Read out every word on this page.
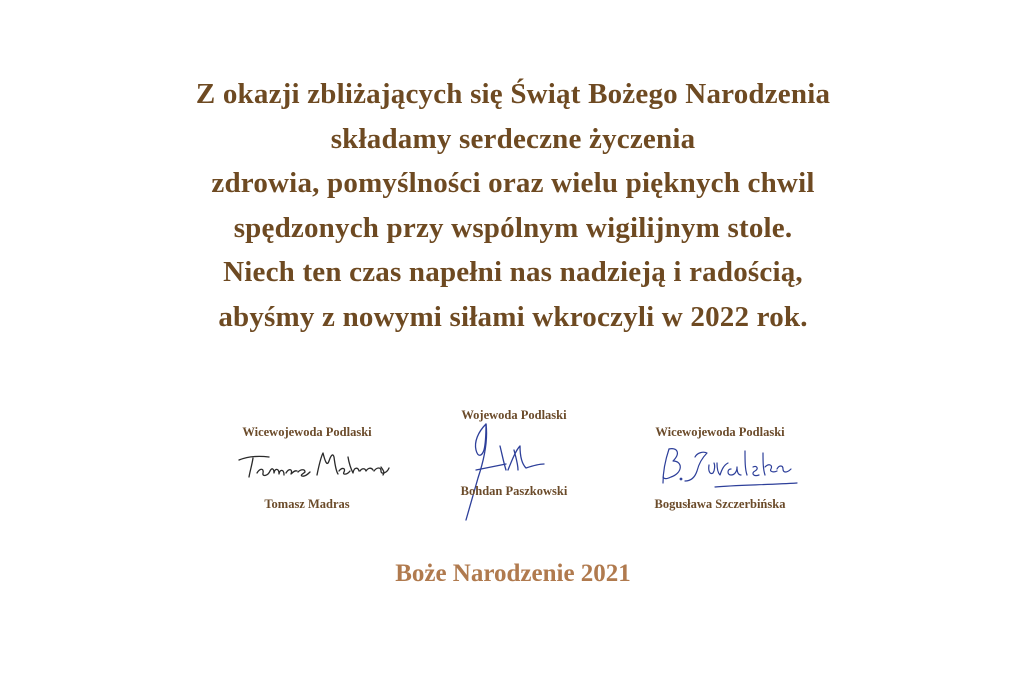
Z okazji zbliżających się Świąt Bożego Narodzenia
składamy serdeczne życzenia
zdrowia, pomyślności oraz wielu pięknych chwil
spędzonych przy wspólnym wigilijnym stole.
Niech ten czas napełni nas nadzieją i radością,
abyśmy z nowymi siłami wkroczyli w 2022 rok.
Wicewojewoda Podlaski
Tomasz Madras
Wojewoda Podlaski
Bohdan Paszkowski
Wicewojewoda Podlaski
Bogusława Szczerbińska
Boże Narodzenie 2021
